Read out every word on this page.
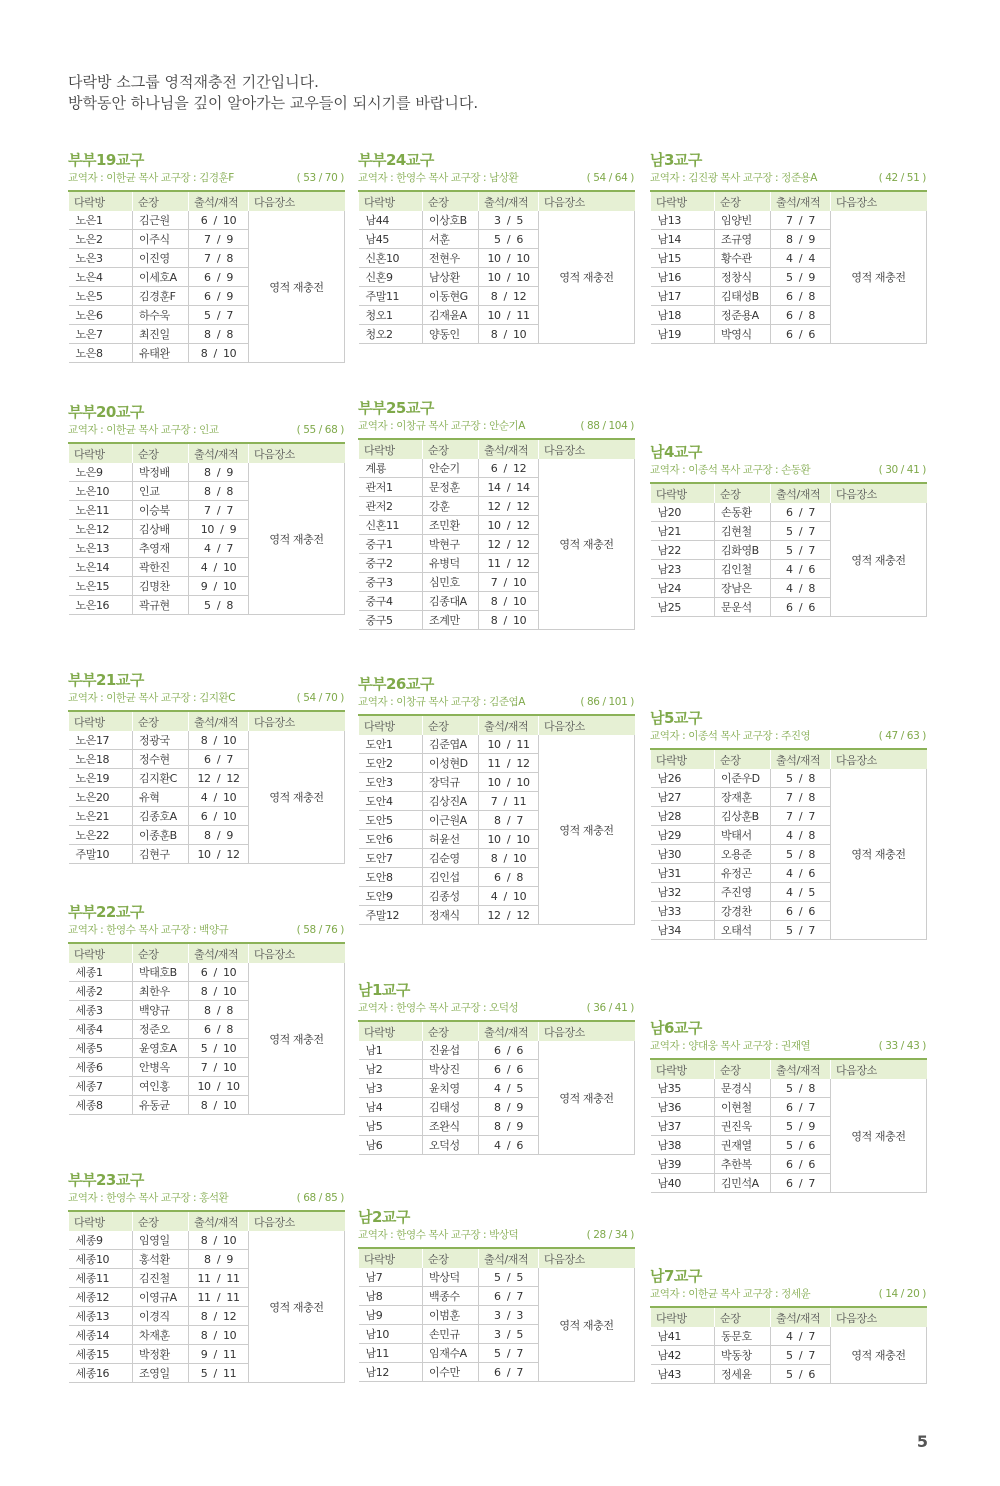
다락방 소그룹 영적재충전 기간입니다.
방학동안 하나님을 깊이 알아가는 교우들이 되시기를 바랍니다.
부부19교구
교역자 : 이한균 목사 교구장 : 김경훈F	( 53 / 70 )
다락방	순장	출석/재적	다음장소
노은1	김근원	6  /  10	영적 재충전
노은2	이주식	7  /  9	
노은3	이진영	7  /  8	
노은4	이세호A	6  /  9	
노은5	김경훈F	6  /  9	
노은6	하수욱	5  /  7	
노은7	최진일	8  /  8	
노은8	유태완	8  /  10	
부부20교구
교역자 : 이한균 목사 교구장 : 인교	( 55 / 68 )
다락방	순장	출석/재적	다음장소
노은9	박정배	8  /  9	영적 재충전
노은10	인교	8  /  8	
노은11	이승북	7  /  7	
노은12	김상배	10  /  9	
노은13	추영재	4  /  7	
노은14	곽한진	4  /  10	
노은15	김명찬	9  /  10	
노은16	곽규현	5  /  8	
부부21교구
교역자 : 이한균 목사 교구장 : 김지환C	( 54 / 70 )
다락방	순장	출석/재적	다음장소
노은17	정광국	8  /  10	영적 재충전
노은18	정수현	6  /  7	
노은19	김지환C	12  /  12	
노은20	유혁	4  /  10	
노은21	김종호A	6  /  10	
노은22	이종훈B	8  /  9	
주말10	김현구	10  /  12	
부부22교구
교역자 : 한영수 목사 교구장 : 백양규	( 58 / 76 )
다락방	순장	출석/재적	다음장소
세종1	박태호B	6  /  10	영적 재충전
세종2	최한우	8  /  10	
세종3	백양규	8  /  8	
세종4	정준오	6  /  8	
세종5	윤영호A	5  /  10	
세종6	안병옥	7  /  10	
세종7	여인홍	10  /  10	
세종8	유동균	8  /  10	
부부23교구
교역자 : 한영수 목사 교구장 : 홍석환	( 68 / 85 )
다락방	순장	출석/재적	다음장소
세종9	임영일	8  /  10	영적 재충전
세종10	홍석환	8  /  9	
세종11	김진철	11  /  11	
세종12	이영규A	11  /  11	
세종13	이경직	8  /  12	
세종14	차재훈	8  /  10	
세종15	박정환	9  /  11	
세종16	조영일	5  /  11	
부부24교구
교역자 : 한영수 목사 교구장 : 남상환	( 54 / 64 )
다락방	순장	출석/재적	다음장소
남44	이상호B	3  /  5	영적 재충전
남45	서훈	5  /  6	
신혼10	전현우	10  /  10	
신혼9	남상환	10  /  10	
주말11	이동현G	8  /  12	
청오1	김재윤A	10  /  11	
청오2	양동인	8  /  10	
부부25교구
교역자 : 이창규 목사 교구장 : 안순기A	( 88 / 104 )
다락방	순장	출석/재적	다음장소
계룡	안순기	6  /  12	영적 재충전
관저1	문정훈	14  /  14	
관저2	강훈	12  /  12	
신혼11	조민환	10  /  12	
중구1	박현구	12  /  12	
중구2	유병덕	11  /  12	
중구3	심민호	7  /  10	
중구4	김종대A	8  /  10	
중구5	조계만	8  /  10	
부부26교구
교역자 : 이창규 목사 교구장 : 김준엽A	( 86 / 101 )
다락방	순장	출석/재적	다음장소
도안1	김준엽A	10  /  11	영적 재충전
도안2	이성현D	11  /  12	
도안3	장덕규	10  /  10	
도안4	김상진A	7  /  11	
도안5	이근원A	8  /  7	
도안6	허윤선	10  /  10	
도안7	김순영	8  /  10	
도안8	김인섭	6  /  8	
도안9	김종성	4  /  10	
주말12	정재식	12  /  12	
남1교구
교역자 : 한영수 목사 교구장 : 오덕성	( 36 / 41 )
다락방	순장	출석/재적	다음장소
남1	진윤섭	6  /  6	영적 재충전
남2	박상진	6  /  6	
남3	윤치영	4  /  5	
남4	김태성	8  /  9	
남5	조완식	8  /  9	
남6	오덕성	4  /  6	
남2교구
교역자 : 한영수 목사 교구장 : 박상덕	( 28 / 34 )
다락방	순장	출석/재적	다음장소
남7	박상덕	5  /  5	영적 재충전
남8	백종수	6  /  7	
남9	이범훈	3  /  3	
남10	손민규	3  /  5	
남11	임재수A	5  /  7	
남12	이수만	6  /  7	
남3교구
교역자 : 김진광 목사 교구장 : 정준용A	( 42 / 51 )
다락방	순장	출석/재적	다음장소
남13	임양빈	7  /  7	영적 재충전
남14	조규영	8  /  9	
남15	황수관	4  /  4	
남16	정창식	5  /  9	
남17	김태성B	6  /  8	
남18	정준용A	6  /  8	
남19	박영식	6  /  6	
남4교구
교역자 : 이종석 목사 교구장 : 손동환	( 30 / 41 )
다락방	순장	출석/재적	다음장소
남20	손동환	6  /  7	영적 재충전
남21	김현철	5  /  7	
남22	김화영B	5  /  7	
남23	김인철	4  /  6	
남24	장남은	4  /  8	
남25	문운석	6  /  6	
남5교구
교역자 : 이종석 목사 교구장 : 주진영	( 47 / 63 )
다락방	순장	출석/재적	다음장소
남26	이준우D	5  /  8	영적 재충전
남27	장재훈	7  /  8	
남28	김상훈B	7  /  7	
남29	박태서	4  /  8	
남30	오용준	5  /  8	
남31	유정곤	4  /  6	
남32	주진영	4  /  5	
남33	강경찬	6  /  6	
남34	오태석	5  /  7	
남6교구
교역자 : 양대웅 목사 교구장 : 권재열	( 33 / 43 )
다락방	순장	출석/재적	다음장소
남35	문경식	5  /  8	영적 재충전
남36	이현철	6  /  7	
남37	권진욱	5  /  9	
남38	권재열	5  /  6	
남39	추한복	6  /  6	
남40	김민석A	6  /  7	
남7교구
교역자 : 이한균 목사 교구장 : 정세윤	( 14 / 20 )
다락방	순장	출석/재적	다음장소
남41	동문호	4  /  7	영적 재충전
남42	박동창	5  /  7	
남43	정세윤	5  /  6	
5
